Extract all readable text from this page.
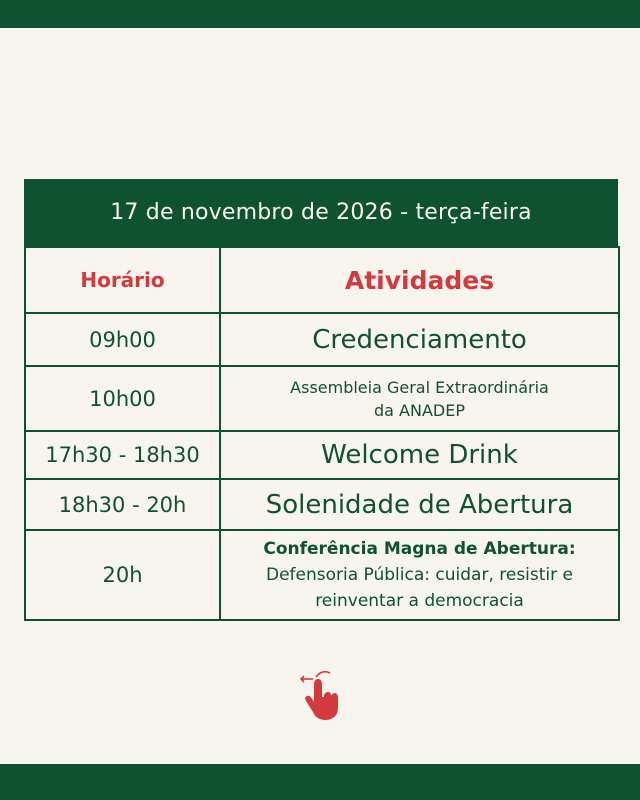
17 de novembro de 2026 - terça-feira
Horário	Atividades
09h00	Credenciamento
10h00	Assembleia Geral Extraordinária
da ANADEP

17h30 - 18h30	Welcome Drink
18h30 - 20h	Solenidade de Abertura
20h	Conferência Magna de Abertura:
Defensoria Pública: cuidar, resistir e
reinventar a democracia
